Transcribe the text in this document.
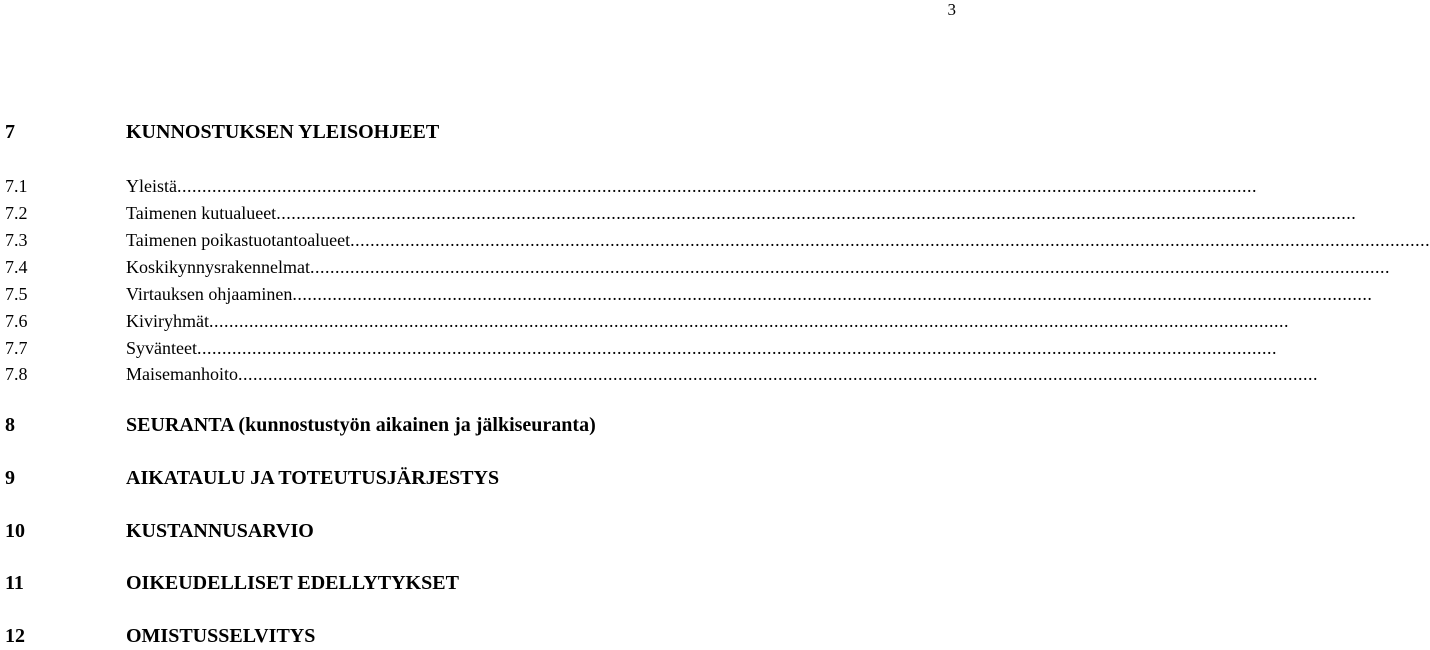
3
7	KUNNOSTUKSEN YLEISOHJEET
7.1	Yleistä ........................................................................................................................................................................................................................
7.2	Taimenen kutualueet ........................................................................................................................................................................................................................
7.3	Taimenen poikastuotantoalueet ........................................................................................................................................................................................................................
7.4	Koskikynnysrakennelmat ........................................................................................................................................................................................................................
7.5	Virtauksen ohjaaminen ........................................................................................................................................................................................................................
7.6	Kiviryhmät ........................................................................................................................................................................................................................
7.7	Syvänteet ........................................................................................................................................................................................................................
7.8	Maisemanhoito ........................................................................................................................................................................................................................
8	SEURANTA (kunnostustyön aikainen ja jälkiseuranta)
9	AIKATAULU JA TOTEUTUSJÄRJESTYS
10	KUSTANNUSARVIO
11	OIKEUDELLISET EDELLYTYKSET
12	OMISTUSSELVITYS
